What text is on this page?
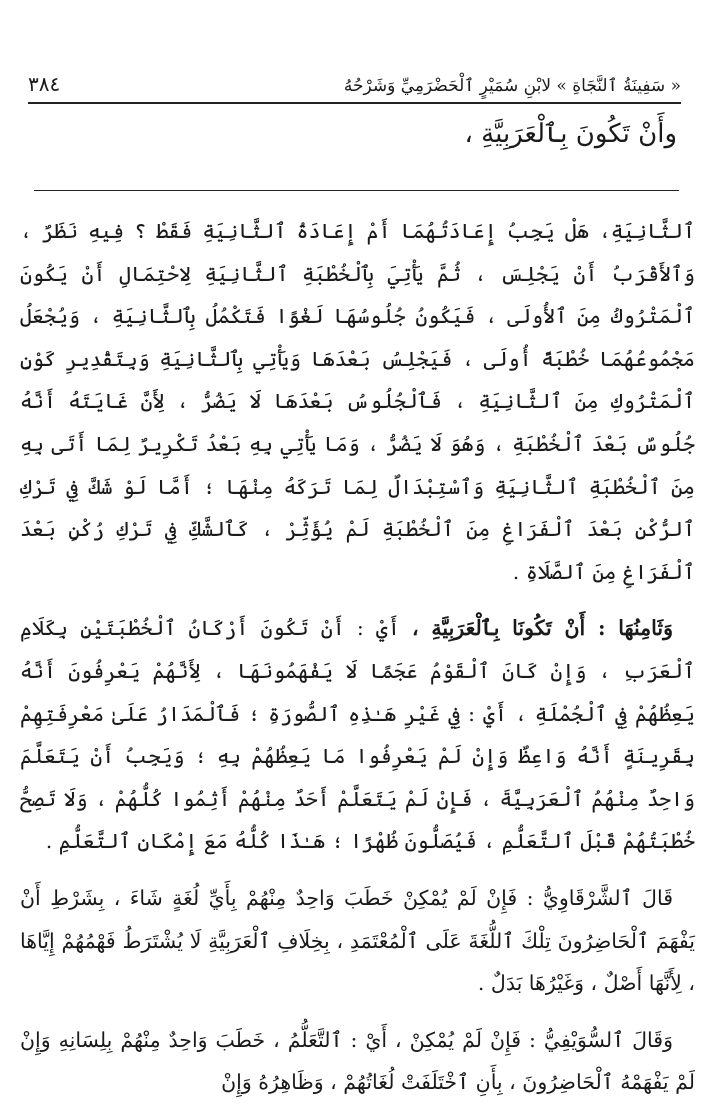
« سَفِينَةُ ٱلنَّجَاةِ » لابْنِ سُمَيْرٍ ٱلْحَضْرَمِيِّ وَشَرْحُهُ
٣٨٤
وأَنْ تَكُونَ بِٱلْعَرَبِيَّةِ ،

ٱلثَّانِيَةِ، هَلْ يَجِبُ إِعَادَتُهُمَا أَمْ إِعَادَةُ ٱلثَّانِيَةِ فَقَطْ ؟ فِيهِ نَظَرٌ ، وَٱلأَقْرَبُ أَنْ يَجْلِسَ ، ثُمَّ يَأْتِيَ بِٱلْخُطْبَةِ ٱلثَّانِيَةِ لِاحْتِمَالِ أَنْ يَكُونَ ٱلْمَتْرُوكُ مِنَ ٱلأُولَى ، فَيَكُونُ جُلُوسُهَا لَغْوًا فَتَكْمُلُ بِٱلثَّانِيَةِ ، وَيُجْعَلُ مَجْمُوعُهُمَا خُطْبَةً أُولَى ، فَيَجْلِسُ بَعْدَهَا وَيَأْتِي بِٱلثَّانِيَةِ وَبِتَقْدِيرِ كَوْنِ ٱلْمَتْرُوكِ مِنَ ٱلثَّانِيَةِ ، فَٱلْجُلُوسُ بَعْدَهَا لَا يَضُرُّ ، لِأَنَّ غَايَتَهُ أَنَّهُ جُلُوسٌ بَعْدَ ٱلْخُطْبَةِ ، وَهُوَ لَا يَضُرُّ ، وَمَا يَأْتِي بِهِ بَعْدُ تَكْرِيرٌ لِمَا أَتَى بِهِ مِنَ ٱلْخُطْبَةِ ٱلثَّانِيَةِ وَٱسْتِبْدَالٌ لِمَا تَرَكَهُ مِنْهَا ؛ أَمَّا لَوْ شَكَّ فِي تَرْكِ ٱلرُّكْنِ بَعْدَ ٱلْفَرَاغِ مِنَ ٱلْخُطْبَةِ لَمْ يُؤَثِّرْ ، كَٱلشَّكِّ فِي تَرْكِ رُكْنٍ بَعْدَ ٱلْفَرَاغِ مِنَ ٱلصَّلَاةِ .

وَثَامِنُهَا : أَنْ تَكُونَا بِٱلْعَرَبِيَّةِ ، أَيْ : أَنْ تَكُونَ أَرْكَانُ ٱلْخُطْبَتَيْنِ بِكَلَامِ ٱلْعَرَبِ ، وَإِنْ كَانَ ٱلْقَوْمُ عَجَمًا لَا يَفْهَمُونَهَا ، لِأَنَّهُمْ يَعْرِفُونَ أَنَّهُ يَعِظُهُمْ فِي ٱلْجُمْلَةِ ، أَيْ : فِي غَيْرِ هَـٰذِهِ ٱلصُّورَةِ ؛ فَٱلْمَدَارُ عَلَىٰ مَعْرِفَتِهِمْ بِقَرِينَةٍ أَنَّهُ وَاعِظٌ وَإِنْ لَمْ يَعْرِفُوا مَا يَعِظُهُمْ بِهِ ؛ وَيَجِبُ أَنْ يَتَعَلَّمَ وَاحِدٌ مِنْهُمُ ٱلْعَرَبِيَّةَ ، فَإِنْ لَمْ يَتَعَلَّمْ أَحَدٌ مِنْهُمْ أَثِمُوا كُلُّهُمْ ، وَلَا تَصِحُّ خُطْبَتُهُمْ قَبْلَ ٱلتَّعَلُّمِ ، فَيُصَلُّونَ ظُهْرًا ؛ هَـٰذَا كُلُّهُ مَعَ إِمْكَانِ ٱلتَّعَلُّمِ .

قَالَ ٱلشَّرْقَاوِيُّ : فَإِنْ لَمْ يُمْكِنْ خَطَبَ وَاحِدٌ مِنْهُمْ بِأَيِّ لُغَةٍ شَاءَ ، بِشَرْطِ أَنْ يَفْهَمَ ٱلْحَاضِرُونَ تِلْكَ ٱللُّغَةَ عَلَى ٱلْمُعْتَمَدِ ، بِخِلَافِ ٱلْعَرَبِيَّةِ لَا يُشْتَرَطُ فَهْمُهُمْ إِيَّاهَا ، لِأَنَّهَا أَصْلٌ ، وَغَيْرُهَا بَدَلٌ .

وَقَالَ ٱلسُّوَيْفِيُّ : فَإِنْ لَمْ يُمْكِنْ ، أَيْ : ٱلتَّعَلُّمُ ، خَطَبَ وَاحِدٌ مِنْهُمْ بِلِسَانِهِ وَإِنْ لَمْ يَفْهَمْهُ ٱلْحَاضِرُونَ ، بِأَنِ ٱخْتَلَفَتْ لُغَاتُهُمْ ، وَظَاهِرُهُ وَإِنْ
